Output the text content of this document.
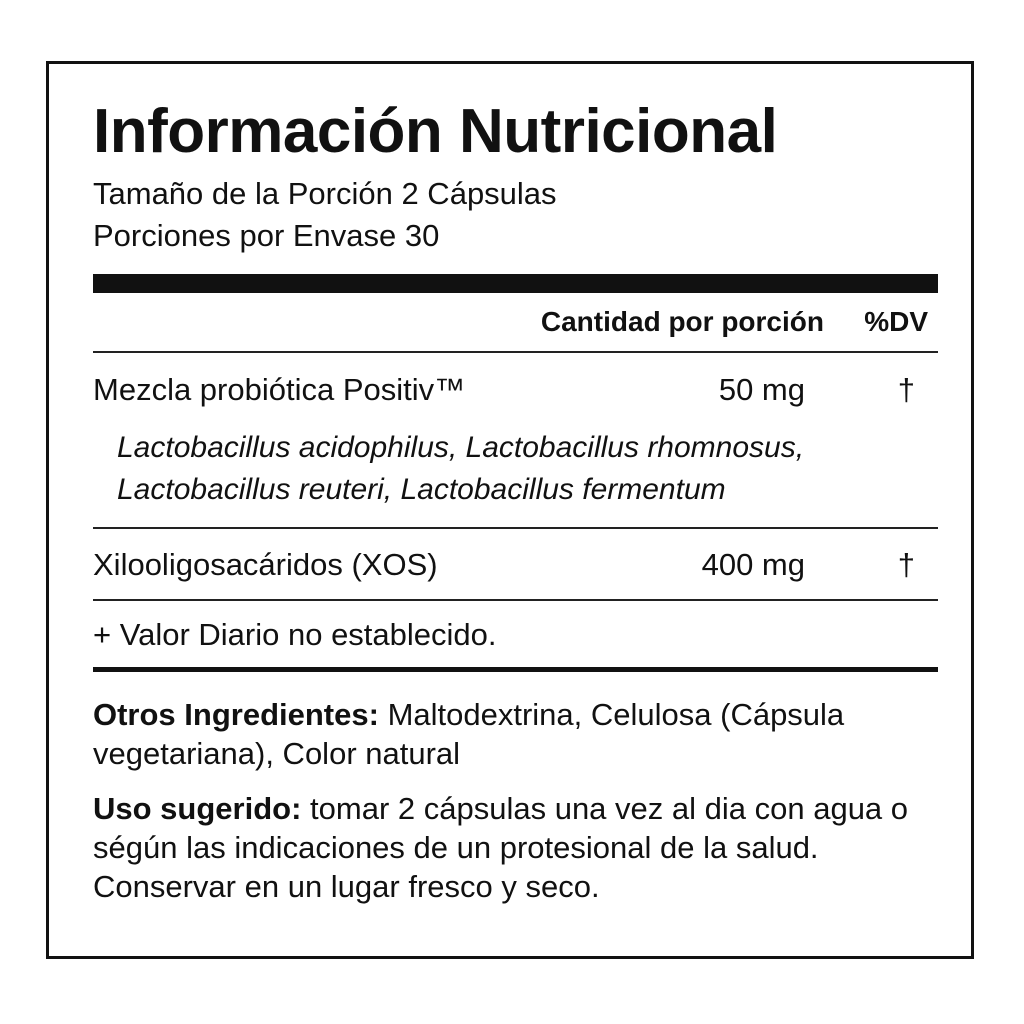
Información Nutricional
Tamaño de la Porción 2 Cápsulas
Porciones por Envase 30
Cantidad por porción %DV
Mezcla probiótica Positiv™	50 mg	†
Lactobacillus acidophilus, Lactobacillus rhomnosus,
Lactobacillus reuteri, Lactobacillus fermentum
Xilooligosacáridos (XOS)	400 mg	†
+ Valor Diario no establecido.
Otros Ingredientes: Maltodextrina, Celulosa (Cápsula vegetariana), Color natural
Uso sugerido: tomar 2 cápsulas una vez al dia con agua o ségún las indicaciones de un protesional de la salud. Conservar en un lugar fresco y seco.
